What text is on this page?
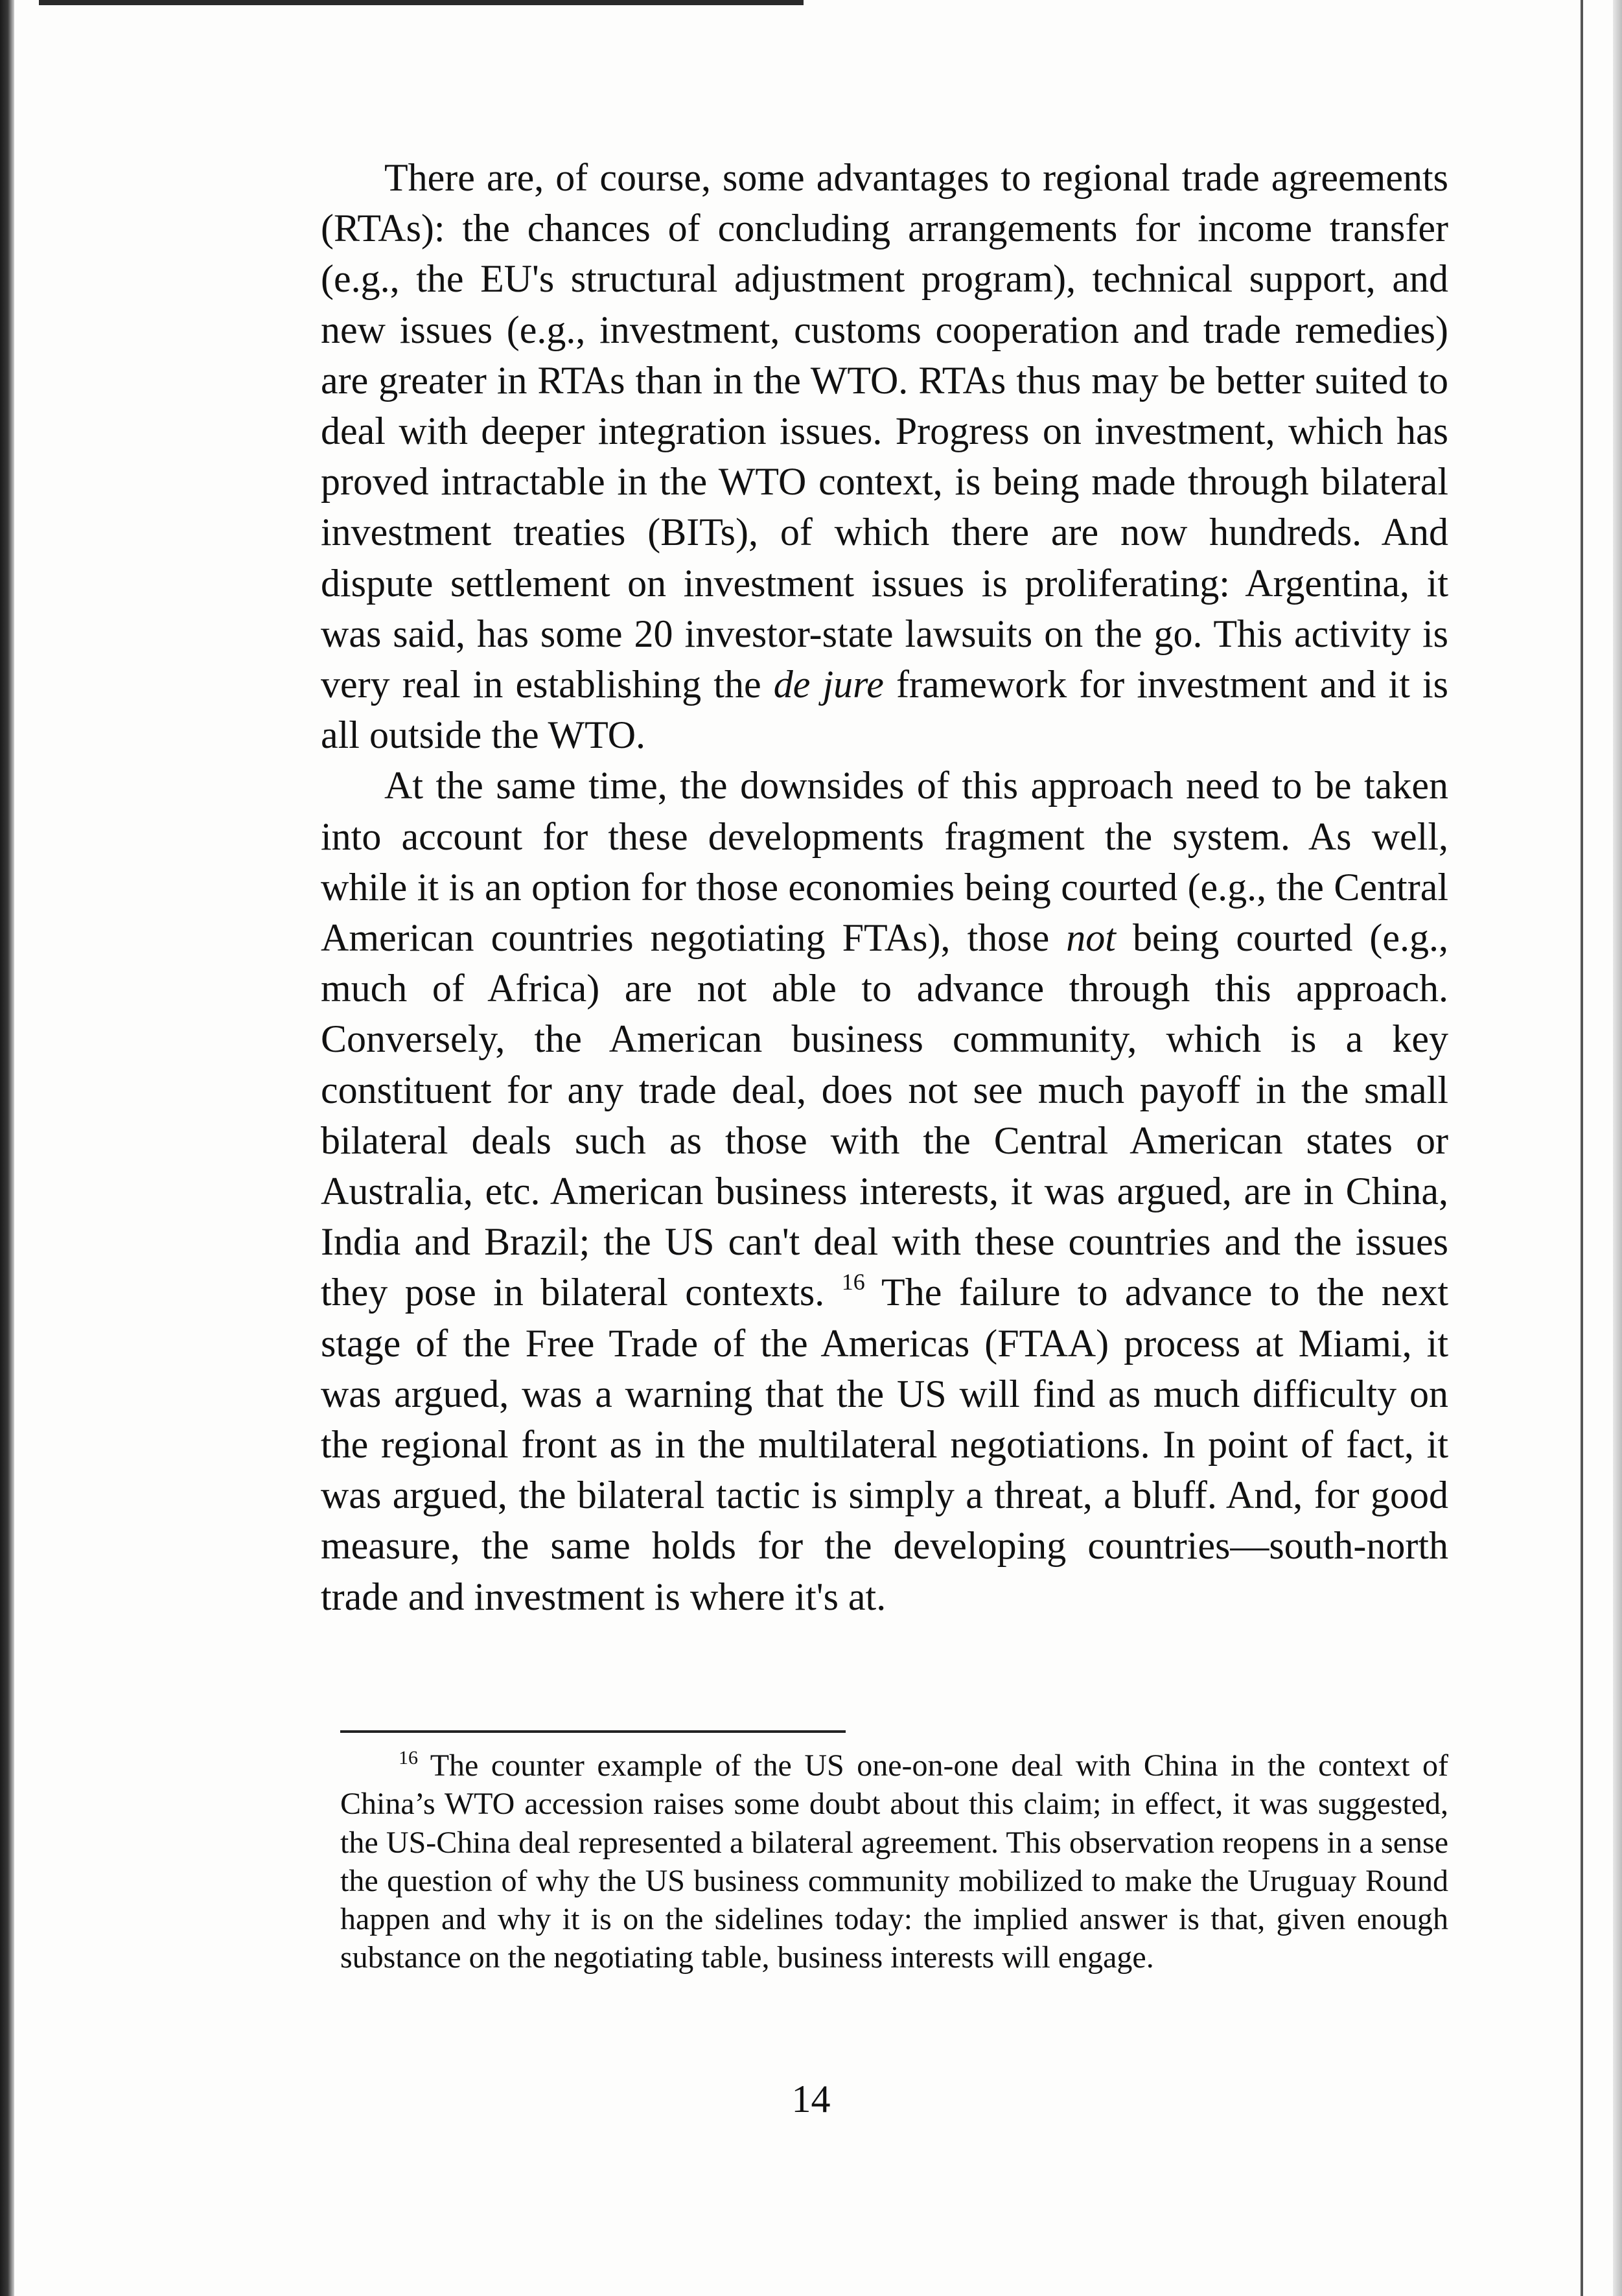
There are, of course, some advantages to regional trade agreements (RTAs): the chances of concluding arrangements for income transfer (e.g., the EU's structural adjustment program), technical support, and new issues (e.g., investment, customs cooperation and trade remedies) are greater in RTAs than in the WTO. RTAs thus may be better suited to deal with deeper integration issues. Progress on investment, which has proved intractable in the WTO context, is being made through bilateral investment treaties (BITs), of which there are now hundreds. And dispute settlement on investment issues is proliferating: Argentina, it was said, has some 20 investor-state lawsuits on the go. This activity is very real in establishing the de jure framework for investment and it is all outside the WTO.

At the same time, the downsides of this approach need to be taken into account for these developments fragment the system. As well, while it is an option for those economies being courted (e.g., the Central American countries negotiating FTAs), those not being courted (e.g., much of Africa) are not able to advance through this approach. Conversely, the American business community, which is a key constituent for any trade deal, does not see much payoff in the small bilateral deals such as those with the Central American states or Australia, etc. American business interests, it was argued, are in China, India and Brazil; the US can't deal with these countries and the issues they pose in bilateral contexts. $^{16}$ The failure to advance to the next stage of the Free Trade of the Americas (FTAA) process at Miami, it was argued, was a warning that the US will find as much difficulty on the regional front as in the multilateral negotiations. In point of fact, it was argued, the bilateral tactic is simply a threat, a bluff. And, for good measure, the same holds for the developing countries—south-north trade and investment is where it's at.

$^{16}$ The counter example of the US one-on-one deal with China in the context of China’s WTO accession raises some doubt about this claim; in effect, it was suggested, the US-China deal represented a bilateral agreement. This observation reopens in a sense the question of why the US business community mobilized to make the Uruguay Round happen and why it is on the sidelines today: the implied answer is that, given enough substance on the negotiating table, business interests will engage.

14
